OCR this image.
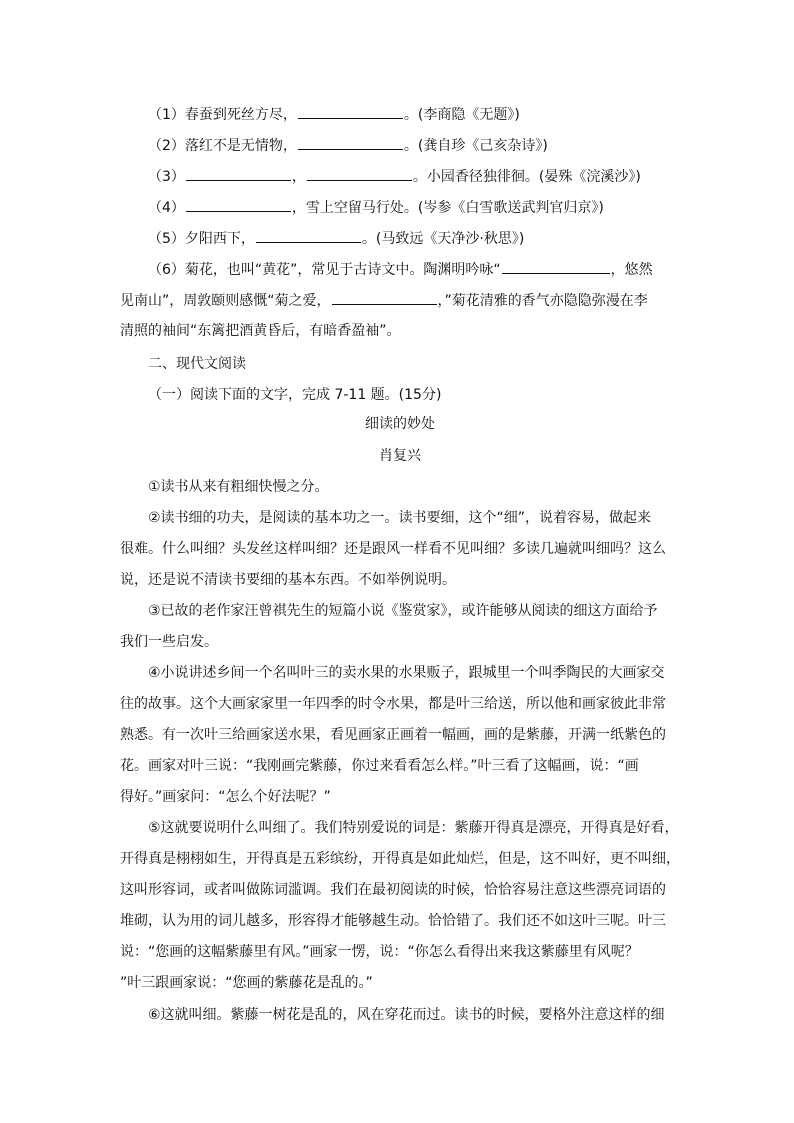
（1）春蚕到死丝方尽，	。(李商隐《无题》)
（2）落红不是无情物，	。(龚自珍《己亥杂诗》)
（3）	，	。小园香径独徘徊。(晏殊《浣溪沙》)
（4）	，雪上空留马行处。(岑参《白雪歌送武判官归京》)
（5）夕阳西下，	。(马致远《天净沙·秋思》)
（6）菊花，也叫“黄花”，常见于古诗文中。陶渊明吟咏“	，悠然
见南山”，周敦颐则感慨“菊之爱，	，”菊花清雅的香气亦隐隐弥漫在李
清照的袖间“东篱把酒黄昏后，有暗香盈袖”。
二、现代文阅读
（一）阅读下面的文字，完成 7-11 题。(15分)
细读的妙处
肖复兴
①读书从来有粗细快慢之分。
②读书细的功夫，是阅读的基本功之一。读书要细，这个“细”，说着容易，做起来
很难。什么叫细？头发丝这样叫细？还是跟风一样看不见叫细？多读几遍就叫细吗？这么
说，还是说不清读书要细的基本东西。不如举例说明。
③已故的老作家汪曾祺先生的短篇小说《鉴赏家》，或许能够从阅读的细这方面给予
我们一些启发。
④小说讲述乡间一个名叫叶三的卖水果的水果贩子，跟城里一个叫季陶民的大画家交
往的故事。这个大画家家里一年四季的时令水果，都是叶三给送，所以他和画家彼此非常
熟悉。有一次叶三给画家送水果，看见画家正画着一幅画，画的是紫藤，开满一纸紫色的
花。画家对叶三说：“我刚画完紫藤，你过来看看怎么样。”叶三看了这幅画，说：“画
得好。”画家问：“怎么个好法呢？”
⑤这就要说明什么叫细了。我们特别爱说的词是：紫藤开得真是漂亮，开得真是好看，
开得真是栩栩如生，开得真是五彩缤纷，开得真是如此灿烂，但是，这不叫好，更不叫细，
这叫形容词，或者叫做陈词滥调。我们在最初阅读的时候，恰恰容易注意这些漂亮词语的
堆砌，认为用的词儿越多，形容得才能够越生动。恰恰错了。我们还不如这叶三呢。叶三
说：“您画的这幅紫藤里有风。”画家一愣，说：“你怎么看得出来我这紫藤里有风呢？
”叶三跟画家说：“您画的紫藤花是乱的。”
⑥这就叫细。紫藤一树花是乱的，风在穿花而过。读书的时候，要格外注意这样的细
